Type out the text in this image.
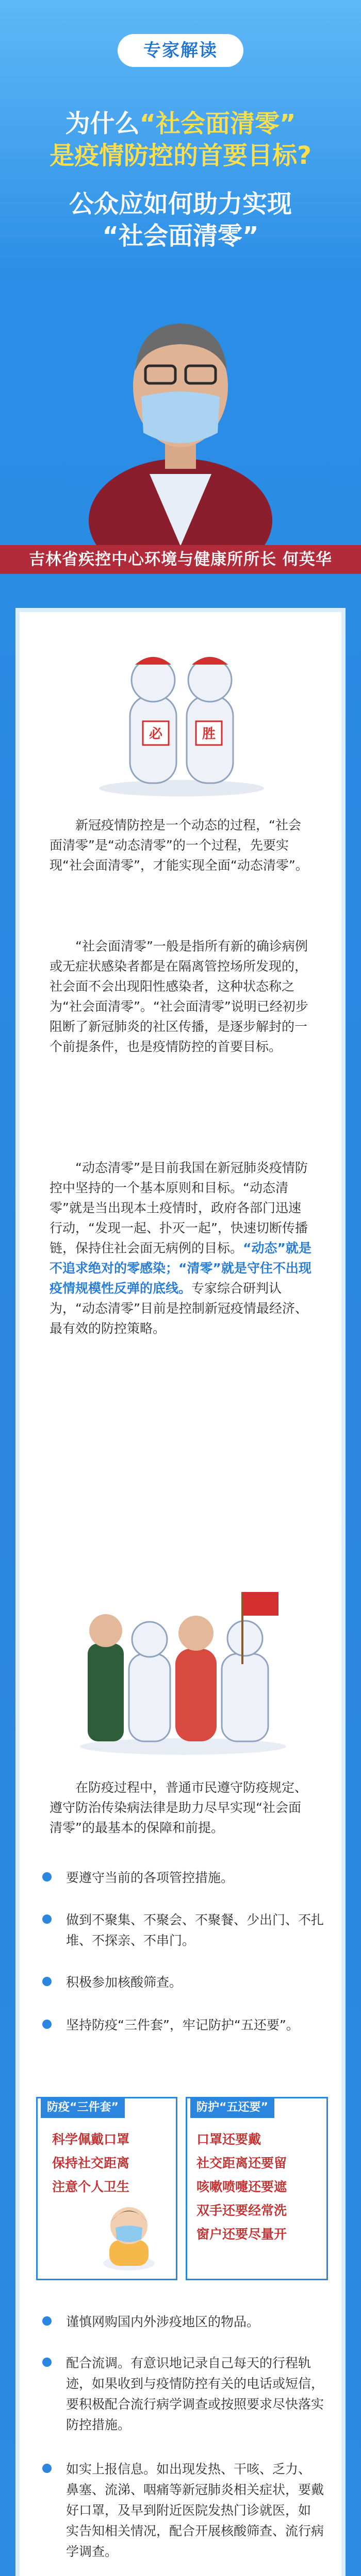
专家解读
为什么“社会面清零”
是疫情防控的首要目标?
公众应如何助力实现
“社会面清零”
吉林省疾控中心环境与健康所所长 何英华
必	胜

新冠疫情防控是一个动态的过程，“社会面清零”是“动态清零”的一个过程，先要实现“社会面清零”，才能实现全面“动态清零”。

“社会面清零”一般是指所有新的确诊病例或无症状感染者都是在隔离管控场所发现的，社会面不会出现阳性感染者，这种状态称之为“社会面清零”。“社会面清零”说明已经初步阻断了新冠肺炎的社区传播，是逐步解封的一个前提条件，也是疫情防控的首要目标。

“动态清零”是目前我国在新冠肺炎疫情防控中坚持的一个基本原则和目标。“动态清零”就是当出现本土疫情时，政府各部门迅速行动，“发现一起、扑灭一起”，快速切断传播链，保持住社会面无病例的目标。“动态”就是不追求绝对的零感染；“清零”就是守住不出现疫情规模性反弹的底线。专家综合研判认为，“动态清零”目前是控制新冠疫情最经济、最有效的防控策略。

在防疫过程中，普通市民遵守防疫规定、遵守防治传染病法律是助力尽早实现“社会面清零”的最基本的保障和前提。

要遵守当前的各项管控措施。
做到不聚集、不聚会、不聚餐、少出门、不扎堆、不探亲、不串门。
积极参加核酸筛查。
坚持防疫“三件套”，牢记防护“五还要”。
防疫“三件套”
科学佩戴口罩
保持社交距离
注意个人卫生
防护“五还要”
口罩还要戴
社交距离还要留
咳嗽喷嚏还要遮
双手还要经常洗
窗户还要尽量开
谨慎网购国内外涉疫地区的物品。
配合流调。有意识地记录自己每天的行程轨迹，如果收到与疫情防控有关的电话或短信，要积极配合流行病学调查或按照要求尽快落实防控措施。
如实上报信息。如出现发热、干咳、乏力、鼻塞、流涕、咽痛等新冠肺炎相关症状，要戴好口罩，及早到附近医院发热门诊就医，如实告知相关情况，配合开展核酸筛查、流行病学调查。
